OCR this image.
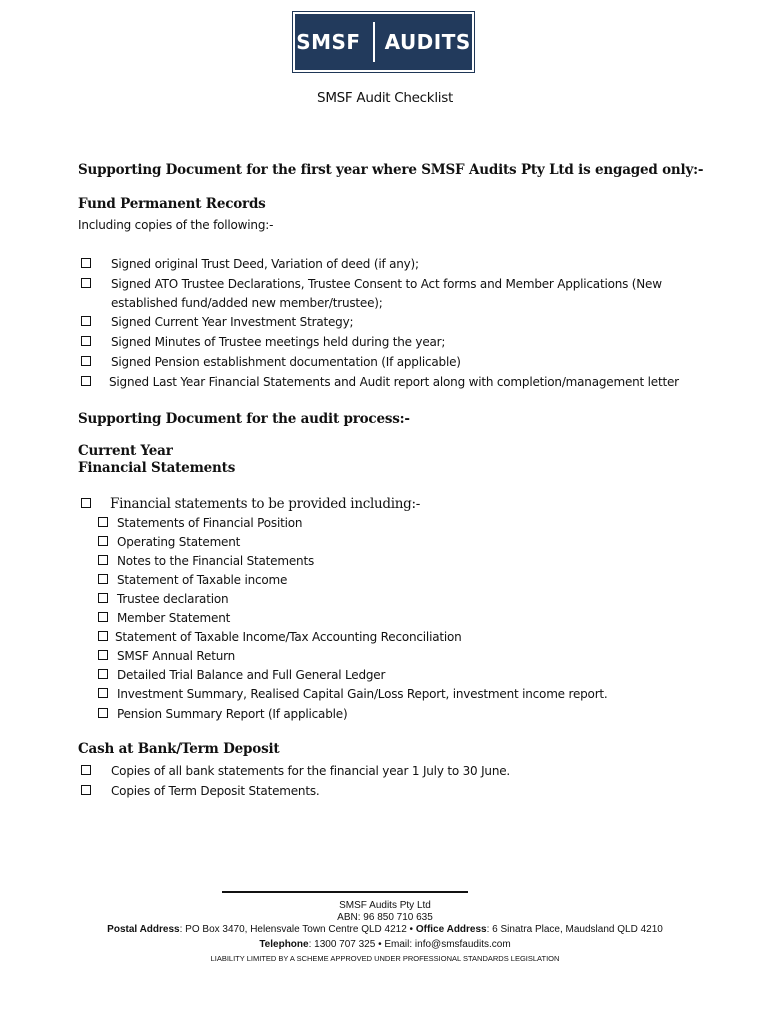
SMSF AUDITS
SMSF Audit Checklist
Supporting Document for the first year where SMSF Audits Pty Ltd is engaged only:-
Fund Permanent Records
Including copies of the following:-
Signed original Trust Deed, Variation of deed (if any);
Signed ATO Trustee Declarations, Trustee Consent to Act forms and Member Applications (New
established fund/added new member/trustee);
Signed Current Year Investment Strategy;
Signed Minutes of Trustee meetings held during the year;
Signed Pension establishment documentation (If applicable)
Signed Last Year Financial Statements and Audit report along with completion/management letter
Supporting Document for the audit process:-
Current Year
Financial Statements
Financial statements to be provided including:-
Statements of Financial Position
Operating Statement
Notes to the Financial Statements
Statement of Taxable income
Trustee declaration
Member Statement
Statement of Taxable Income/Tax Accounting Reconciliation
SMSF Annual Return
Detailed Trial Balance and Full General Ledger
Investment Summary, Realised Capital Gain/Loss Report, investment income report.
Pension Summary Report (If applicable)
Cash at Bank/Term Deposit
Copies of all bank statements for the financial year 1 July to 30 June.
Copies of Term Deposit Statements.
SMSF Audits Pty Ltd
ABN: 96 850 710 635
Postal Address: PO Box 3470, Helensvale Town Centre QLD 4212 • Office Address: 6 Sinatra Place, Maudsland QLD 4210
Telephone: 1300 707 325 • Email: info@smsfaudits.com
LIABILITY LIMITED BY A SCHEME APPROVED UNDER PROFESSIONAL STANDARDS LEGISLATION
